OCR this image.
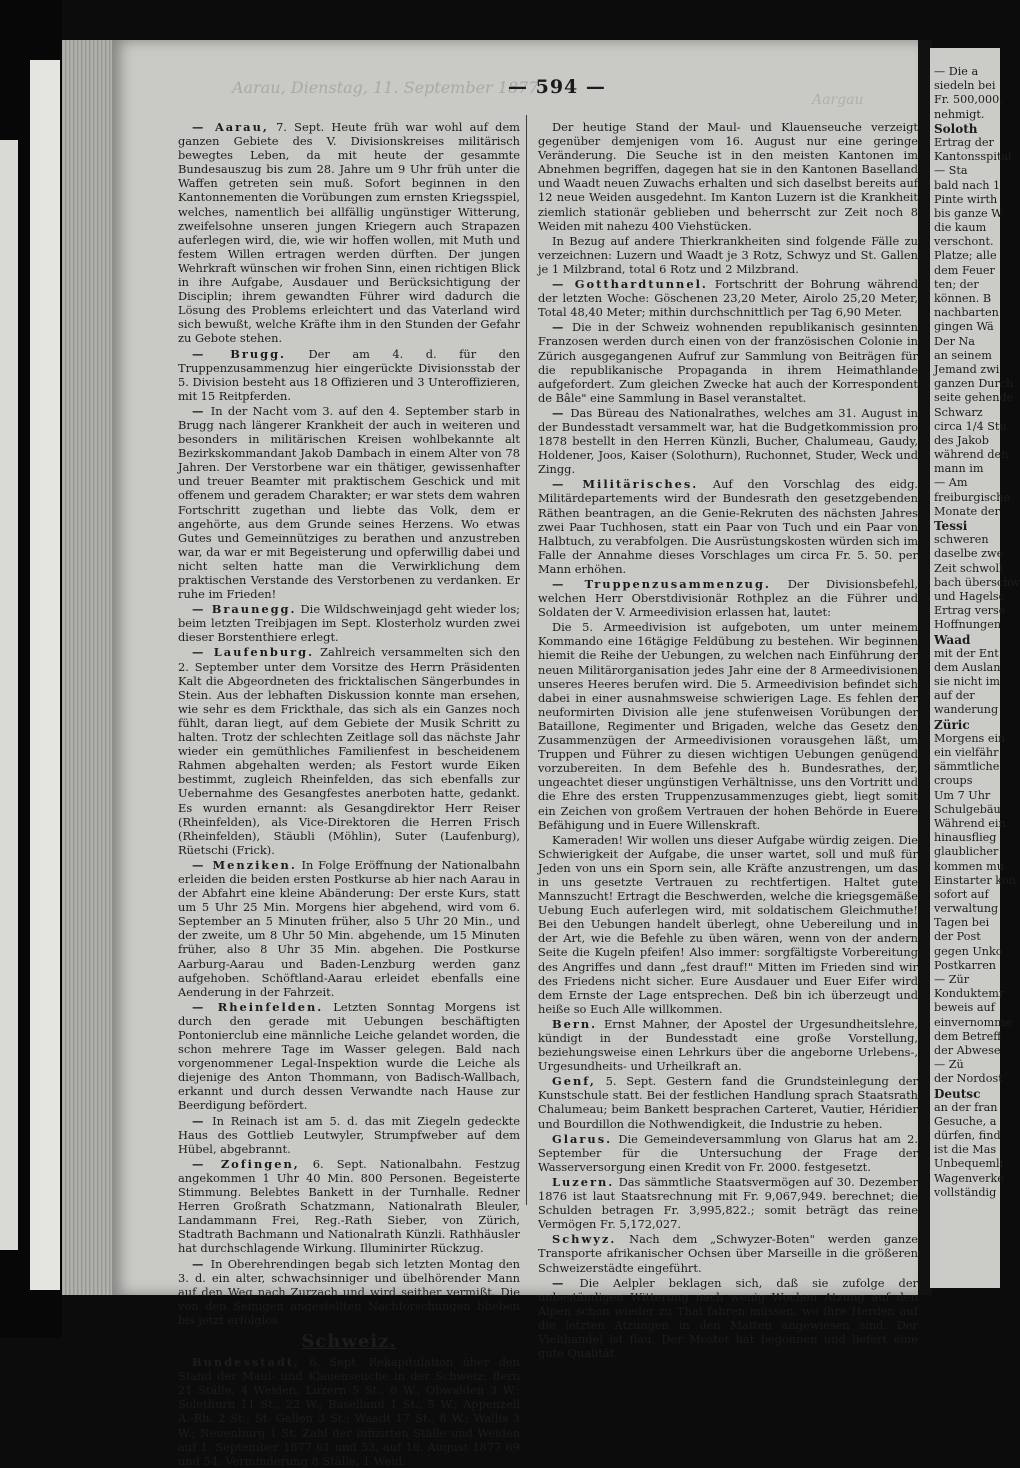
Aarau, Dienstag, 11. September 1877
Aargau
— 594 —

— Aarau, 7. Sept. Heute früh war wohl auf dem ganzen Gebiete des V. Divisionskreises militärisch bewegtes Leben, da mit heute der gesammte Bundesauszug bis zum 28. Jahre um 9 Uhr früh unter die Waffen getreten sein muß. Sofort beginnen in den Kantonnementen die Vorübungen zum ernsten Kriegsspiel, welches, namentlich bei allfällig ungünstiger Witterung, zweifelsohne unseren jungen Kriegern auch Strapazen auferlegen wird, die, wie wir hoffen wollen, mit Muth und festem Willen ertragen werden dürften. Der jungen Wehrkraft wünschen wir frohen Sinn, einen richtigen Blick in ihre Aufgabe, Ausdauer und Berücksichtigung der Disciplin; ihrem gewandten Führer wird dadurch die Lösung des Problems erleichtert und das Vaterland wird sich bewußt, welche Kräfte ihm in den Stunden der Gefahr zu Gebote stehen.

— Brugg. Der am 4. d. für den Truppenzusammenzug hier eingerückte Divisionsstab der 5. Division besteht aus 18 Offizieren und 3 Unteroffizieren, mit 15 Reitpferden.

— In der Nacht vom 3. auf den 4. September starb in Brugg nach längerer Krankheit der auch in weiteren und besonders in militärischen Kreisen wohlbekannte alt Bezirkskommandant Jakob Dambach in einem Alter von 78 Jahren. Der Verstorbene war ein thätiger, gewissenhafter und treuer Beamter mit praktischem Geschick und mit offenem und geradem Charakter; er war stets dem wahren Fortschritt zugethan und liebte das Volk, dem er angehörte, aus dem Grunde seines Herzens. Wo etwas Gutes und Gemeinnütziges zu berathen und anzustreben war, da war er mit Begeisterung und opferwillig dabei und nicht selten hatte man die Verwirklichung dem praktischen Verstande des Verstorbenen zu verdanken. Er ruhe im Frieden!

— Braunegg. Die Wildschweinjagd geht wieder los; beim letzten Treibjagen im Sept. Klosterholz wurden zwei dieser Borstenthiere erlegt.

— Laufenburg. Zahlreich versammelten sich den 2. September unter dem Vorsitze des Herrn Präsidenten Kalt die Abgeordneten des fricktalischen Sängerbundes in Stein. Aus der lebhaften Diskussion konnte man ersehen, wie sehr es dem Frickthale, das sich als ein Ganzes noch fühlt, daran liegt, auf dem Gebiete der Musik Schritt zu halten. Trotz der schlechten Zeitlage soll das nächste Jahr wieder ein gemüthliches Familienfest in bescheidenem Rahmen abgehalten werden; als Festort wurde Eiken bestimmt, zugleich Rheinfelden, das sich ebenfalls zur Uebernahme des Gesangfestes anerboten hatte, gedankt. Es wurden ernannt: als Gesangdirektor Herr Reiser (Rheinfelden), als Vice-Direktoren die Herren Frisch (Rheinfelden), Stäubli (Möhlin), Suter (Laufenburg), Rüetschi (Frick).

— Menziken. In Folge Eröffnung der Nationalbahn erleiden die beiden ersten Postkurse ab hier nach Aarau in der Abfahrt eine kleine Abänderung: Der erste Kurs, statt um 5 Uhr 25 Min. Morgens hier abgehend, wird vom 6. September an 5 Minuten früher, also 5 Uhr 20 Min., und der zweite, um 8 Uhr 50 Min. abgehende, um 15 Minuten früher, also 8 Uhr 35 Min. abgehen. Die Postkurse Aarburg-Aarau und Baden-Lenzburg werden ganz aufgehoben. Schöftland-Aarau erleidet ebenfalls eine Aenderung in der Fahrzeit.

— Rheinfelden. Letzten Sonntag Morgens ist durch den gerade mit Uebungen beschäftigten Pontonierclub eine männliche Leiche gelandet worden, die schon mehrere Tage im Wasser gelegen. Bald nach vorgenommener Legal-Inspektion wurde die Leiche als diejenige des Anton Thommann, von Badisch-Wallbach, erkannt und durch dessen Verwandte nach Hause zur Beerdigung befördert.

— In Reinach ist am 5. d. das mit Ziegeln gedeckte Haus des Gottlieb Leutwyler, Strumpfweber auf dem Hübel, abgebrannt.

— Zofingen, 6. Sept. Nationalbahn. Festzug angekommen 1 Uhr 40 Min. 800 Personen. Begeisterte Stimmung. Belebtes Bankett in der Turnhalle. Redner Herren Großrath Schatzmann, Nationalrath Bleuler, Landammann Frei, Reg.-Rath Sieber, von Zürich, Stadtrath Bachmann und Nationalrath Künzli. Rathhäusler hat durchschlagende Wirkung. Illuminirter Rückzug.

— In Oberehrendingen begab sich letzten Montag den 3. d. ein alter, schwachsinniger und übelhörender Mann auf den Weg nach Zurzach und wird seither vermißt. Die von den Seinigen angestellten Nachforschungen blieben bis jetzt erfolglos.

Schweiz.

Bundesstadt, 6. Sept. Rekapitulation über den Stand der Maul- und Klauenseuche in der Schweiz: Bern 21 Ställe, 4 Weiden; Luzern 5 St., 8 W.; Obwalden 3 W.; Solothurn 11 St., 22 W.; Baselland 1 St., 5 W.; Appenzell A.-Rh. 2 St.; St. Gallen 3 St.; Waadt 17 St., 8 W.; Wallis 3 W.; Neuenburg 1 St. Zahl der infizirten Ställe und Weiden auf 1. September 1877 61 und 53, auf 16. August 1877 69 und 54, Verminderung 8 Ställe, 1 Weid.

Der heutige Stand der Maul- und Klauenseuche verzeigt gegenüber demjenigen vom 16. August nur eine geringe Veränderung. Die Seuche ist in den meisten Kantonen im Abnehmen begriffen, dagegen hat sie in den Kantonen Baselland und Waadt neuen Zuwachs erhalten und sich daselbst bereits auf 12 neue Weiden ausgedehnt. Im Kanton Luzern ist die Krankheit ziemlich stationär geblieben und beherrscht zur Zeit noch 8 Weiden mit nahezu 400 Viehstücken.

In Bezug auf andere Thierkrankheiten sind folgende Fälle zu verzeichnen: Luzern und Waadt je 3 Rotz, Schwyz und St. Gallen je 1 Milzbrand, total 6 Rotz und 2 Milzbrand.

— Gotthardtunnel. Fortschritt der Bohrung während der letzten Woche: Göschenen 23,20 Meter, Airolo 25,20 Meter, Total 48,40 Meter; mithin durchschnittlich per Tag 6,90 Meter.

— Die in der Schweiz wohnenden republikanisch gesinnten Franzosen werden durch einen von der französischen Colonie in Zürich ausgegangenen Aufruf zur Sammlung von Beiträgen für die republikanische Propaganda in ihrem Heimathlande aufgefordert. Zum gleichen Zwecke hat auch der Korrespondent de Bâle" eine Sammlung in Basel veranstaltet.

— Das Büreau des Nationalrathes, welches am 31. August in der Bundesstadt versammelt war, hat die Budgetkommission pro 1878 bestellt in den Herren Künzli, Bucher, Chalumeau, Gaudy, Holdener, Joos, Kaiser (Solothurn), Ruchonnet, Studer, Weck und Zingg.

— Militärisches. Auf den Vorschlag des eidg. Militärdepartements wird der Bundesrath den gesetzgebenden Räthen beantragen, an die Genie-Rekruten des nächsten Jahres zwei Paar Tuchhosen, statt ein Paar von Tuch und ein Paar von Halbtuch, zu verabfolgen. Die Ausrüstungskosten würden sich im Falle der Annahme dieses Vorschlages um circa Fr. 5. 50. per Mann erhöhen.

— Truppenzusammenzug. Der Divisionsbefehl, welchen Herr Oberstdivisionär Rothplez an die Führer und Soldaten der V. Armeedivision erlassen hat, lautet:

Die 5. Armeedivision ist aufgeboten, um unter meinem Kommando eine 16tägige Feldübung zu bestehen. Wir beginnen hiemit die Reihe der Uebungen, zu welchen nach Einführung der neuen Militärorganisation jedes Jahr eine der 8 Armeedivisionen unseres Heeres berufen wird. Die 5. Armeedivision befindet sich dabei in einer ausnahmsweise schwierigen Lage. Es fehlen der neuformirten Division alle jene stufenweisen Vorübungen der Bataillone, Regimenter und Brigaden, welche das Gesetz den Zusammenzügen der Armeedivisionen vorausgehen läßt, um Truppen und Führer zu diesen wichtigen Uebungen genügend vorzubereiten. In dem Befehle des h. Bundesrathes, der, ungeachtet dieser ungünstigen Verhältnisse, uns den Vortritt und die Ehre des ersten Truppenzusammenzuges giebt, liegt somit ein Zeichen von großem Vertrauen der hohen Behörde in Euere Befähigung und in Euere Willenskraft.

Kameraden! Wir wollen uns dieser Aufgabe würdig zeigen. Die Schwierigkeit der Aufgabe, die unser wartet, soll und muß für Jeden von uns ein Sporn sein, alle Kräfte anzustrengen, um das in uns gesetzte Vertrauen zu rechtfertigen. Haltet gute Mannszucht! Ertragt die Beschwerden, welche die kriegsgemäße Uebung Euch auferlegen wird, mit soldatischem Gleichmuthe! Bei den Uebungen handelt überlegt, ohne Uebereilung und in der Art, wie die Befehle zu üben wären, wenn von der andern Seite die Kugeln pfeifen! Also immer: sorgfältigste Vorbereitung des Angriffes und dann „fest drauf!" Mitten im Frieden sind wir des Friedens nicht sicher. Eure Ausdauer und Euer Eifer wird dem Ernste der Lage entsprechen. Deß bin ich überzeugt und heiße so Euch Alle willkommen.

Bern. Ernst Mahner, der Apostel der Urgesundheitslehre, kündigt in der Bundesstadt eine große Vorstellung, beziehungsweise einen Lehrkurs über die angeborne Urlebens-, Urgesundheits- und Urheilkraft an.

Genf, 5. Sept. Gestern fand die Grundsteinlegung der Kunstschule statt. Bei der festlichen Handlung sprach Staatsrath Chalumeau; beim Bankett besprachen Carteret, Vautier, Héridier und Bourdillon die Nothwendigkeit, die Industrie zu heben.

Glarus. Die Gemeindeversammlung von Glarus hat am 2. September für die Untersuchung der Frage der Wasserversorgung einen Kredit von Fr. 2000. festgesetzt.

Luzern. Das sämmtliche Staatsvermögen auf 30. Dezember 1876 ist laut Staatsrechnung mit Fr. 9,067,949. berechnet; die Schulden betragen Fr. 3,995,822.; somit beträgt das reine Vermögen Fr. 5,172,027.

Schwyz. Nach dem „Schwyzer-Boten" werden ganze Transporte afrikanischer Ochsen über Marseille in die größeren Schweizerstädte eingeführt.

— Die Aelpler beklagen sich, daß sie zufolge der unbeständigen Witterung nach wenig Wochen Atzung auf den Alpen schon wieder zu Thal fahren müssen, wo ihre Herden auf die letzten Atzungen in den Matten angewiesen sind. Der Viehhandel ist flau. Der Mostet hat begonnen und liefert eine gute Qualität.

— Die a
siedeln bei
Fr. 500,000.
nehmigt.
Soloth
Ertrag der
Kantonsspital
— Sta
bald nach 1
Pinte wirth
bis ganze W
die kaum
verschont.
Platze; alle
dem Feuer
ten; der
können. B
nachbarten
gingen Wä
Der Na
an seinem
Jemand zwi
ganzen Durch
seite gehende
Schwarz
circa 1/4 Stu
des Jakob
während den
mann im
— Am
freiburgische
Monate der
Tessi
schweren
daselbe zwe
Zeit schwoll
bach überschw
und Hagelsc
Ertrag verse
Hoffnungen
Waad
mit der Ent
dem Auslan
sie nicht im
auf der
wanderung
Züric
Morgens ein
ein vielfähr
sämmtliche
croups
Um 7 Uhr
Schulgebäu
Während ein
hinausflieg
glaublicher
kommen mu
Einstarter kon
sofort auf
verwaltung
Tagen bei
der Post
gegen Unko
Postkarren
— Zür
Konduktemr
beweis auf
einvernomme
dem Betreff
der Abwese
— Zü
der Nordost
Deutsc
an der fran
Gesuche, a
dürfen, find
ist die Mas
Unbequemli
Wagenverke
vollständig
